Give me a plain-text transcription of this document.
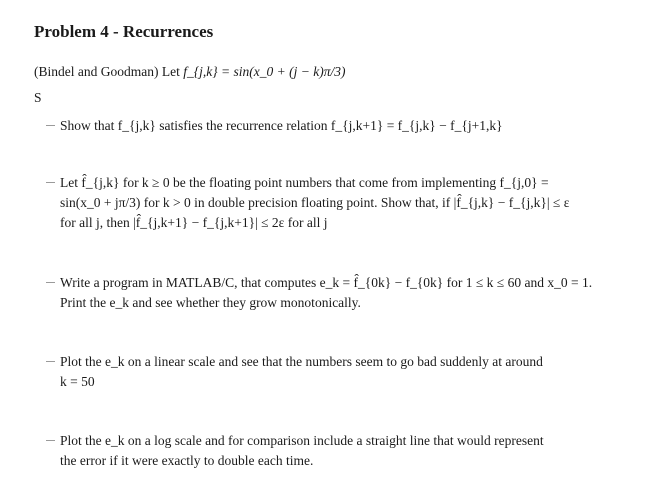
Problem 4 - Recurrences
(Bindel and Goodman) Let f_{j,k} = sin(x_0 + (j − k)π/3)
S
Show that f_{j,k} satisfies the recurrence relation f_{j,k+1} = f_{j,k} − f_{j+1,k}
Let f̂_{j,k} for k ≥ 0 be the floating point numbers that come from implementing f_{j,0} =
sin(x_0 + jπ/3) for k > 0 in double precision floating point. Show that, if |f̂_{j,k} − f_{j,k}| ≤ ε
for all j, then |f̂_{j,k+1} − f_{j,k+1}| ≤ 2ε for all j
Write a program in MATLAB/C, that computes e_k = f̂_{0k} − f_{0k} for 1 ≤ k ≤ 60 and x_0 = 1.
Print the e_k and see whether they grow monotonically.
Plot the e_k on a linear scale and see that the numbers seem to go bad suddenly at around
k = 50
Plot the e_k on a log scale and for comparison include a straight line that would represent
the error if it were exactly to double each time.
